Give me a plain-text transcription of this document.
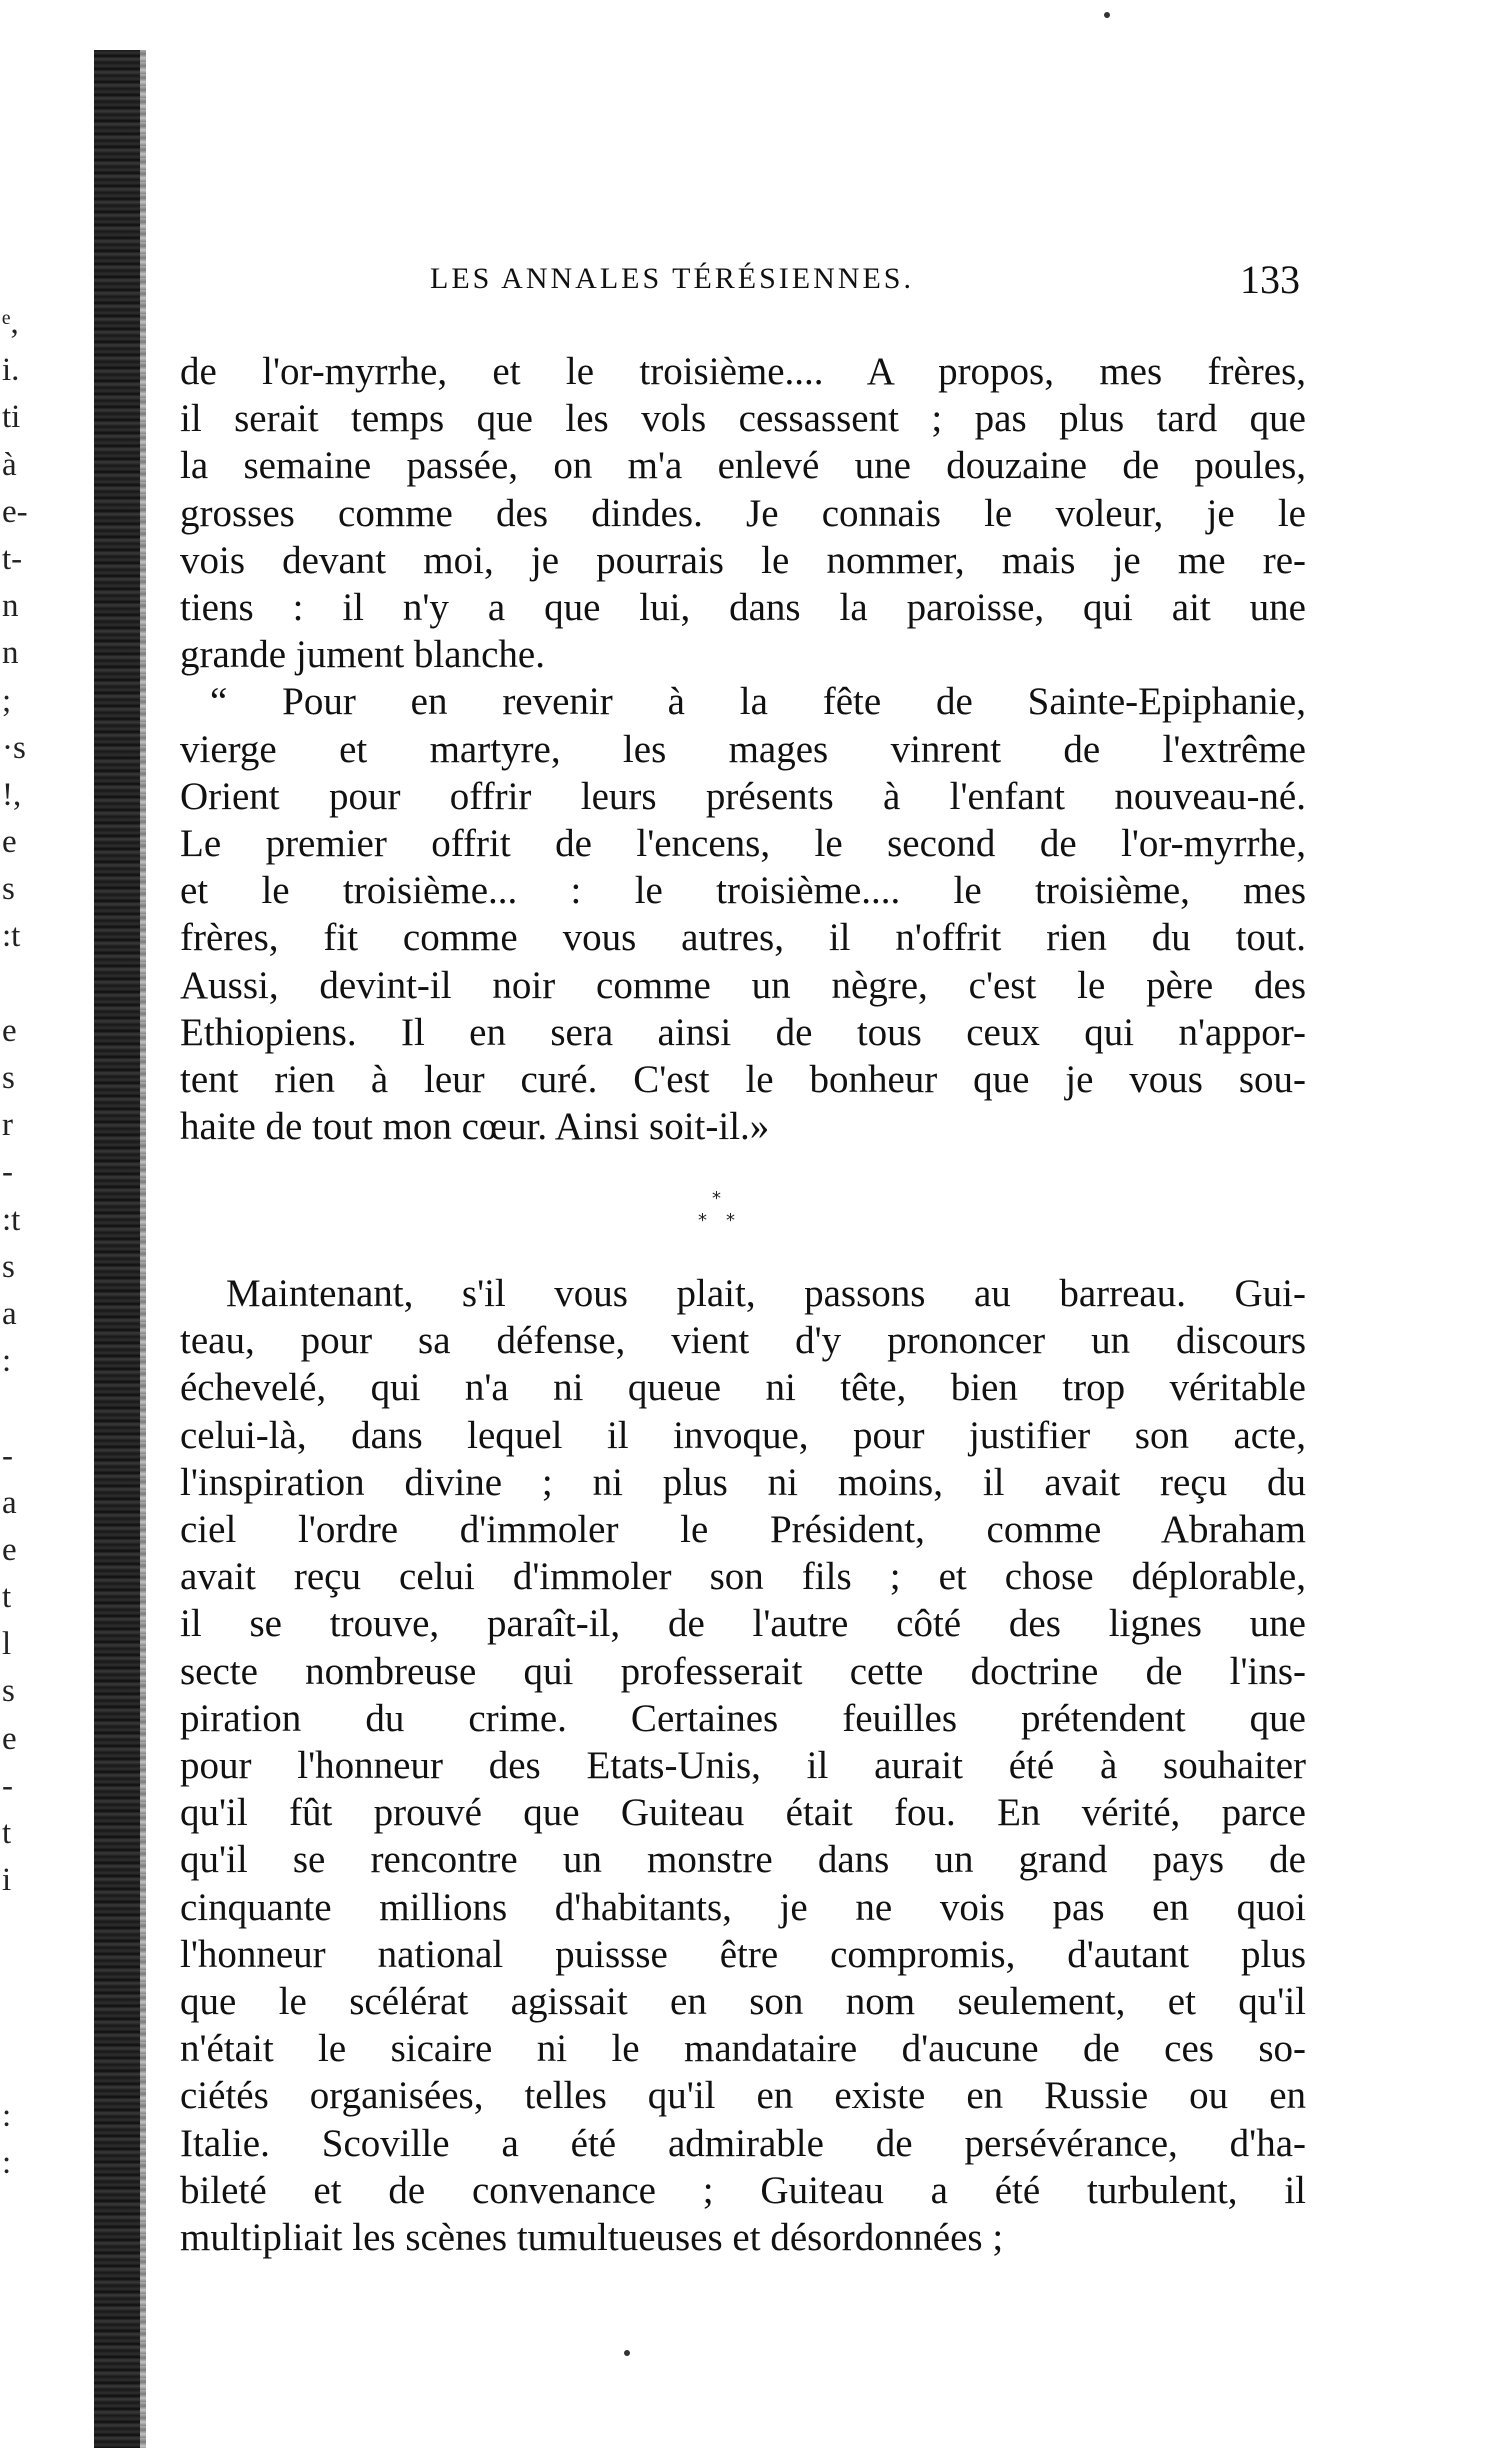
ᵉ,
i.
ti
à
e-
t-
n
n
;
·s
!,
e
s
:t
e
s
r
-
:t
s
a
:
-
a
e
t
l
s
e
-
t
i
:
:
LES ANNALES TÉRÉSIENNES.	133
de l'or-myrrhe, et le troisième.... A propos, mes frères,
il serait temps que les vols cessassent ; pas plus tard que
la semaine passée, on m'a enlevé une douzaine de poules,
grosses comme des dindes. Je connais le voleur, je le
vois devant moi, je pourrais le nommer, mais je me re-
tiens : il n'y a que lui, dans la paroisse, qui ait une
grande jument blanche.
“ Pour en revenir à la fête de Sainte-Epiphanie,
vierge et martyre, les mages vinrent de l'extrême
Orient pour offrir leurs présents à l'enfant nouveau-né.
Le premier offrit de l'encens, le second de l'or-myrrhe,
et le troisième... : le troisième.... le troisième, mes
frères, fit comme vous autres, il n'offrit rien du tout.
Aussi, devint-il noir comme un nègre, c'est le père des
Ethiopiens. Il en sera ainsi de tous ceux qui n'appor-
tent rien à leur curé. C'est le bonheur que je vous sou-
haite de tout mon cœur. Ainsi soit-il.»
*
* *
Maintenant, s'il vous plait, passons au barreau. Gui-
teau, pour sa défense, vient d'y prononcer un discours
échevelé, qui n'a ni queue ni tête, bien trop véritable
celui-là, dans lequel il invoque, pour justifier son acte,
l'inspiration divine ; ni plus ni moins, il avait reçu du
ciel l'ordre d'immoler le Président, comme Abraham
avait reçu celui d'immoler son fils ; et chose déplorable,
il se trouve, paraît-il, de l'autre côté des lignes une
secte nombreuse qui professerait cette doctrine de l'ins-
piration du crime. Certaines feuilles prétendent que
pour l'honneur des Etats-Unis, il aurait été à souhaiter
qu'il fût prouvé que Guiteau était fou. En vérité, parce
qu'il se rencontre un monstre dans un grand pays de
cinquante millions d'habitants, je ne vois pas en quoi
l'honneur national puissse être compromis, d'autant plus
que le scélérat agissait en son nom seulement, et qu'il
n'était le sicaire ni le mandataire d'aucune de ces so-
ciétés organisées, telles qu'il en existe en Russie ou en
Italie. Scoville a été admirable de persévérance, d'ha-
bileté et de convenance ; Guiteau a été turbulent, il
multipliait les scènes tumultueuses et désordonnées ;
